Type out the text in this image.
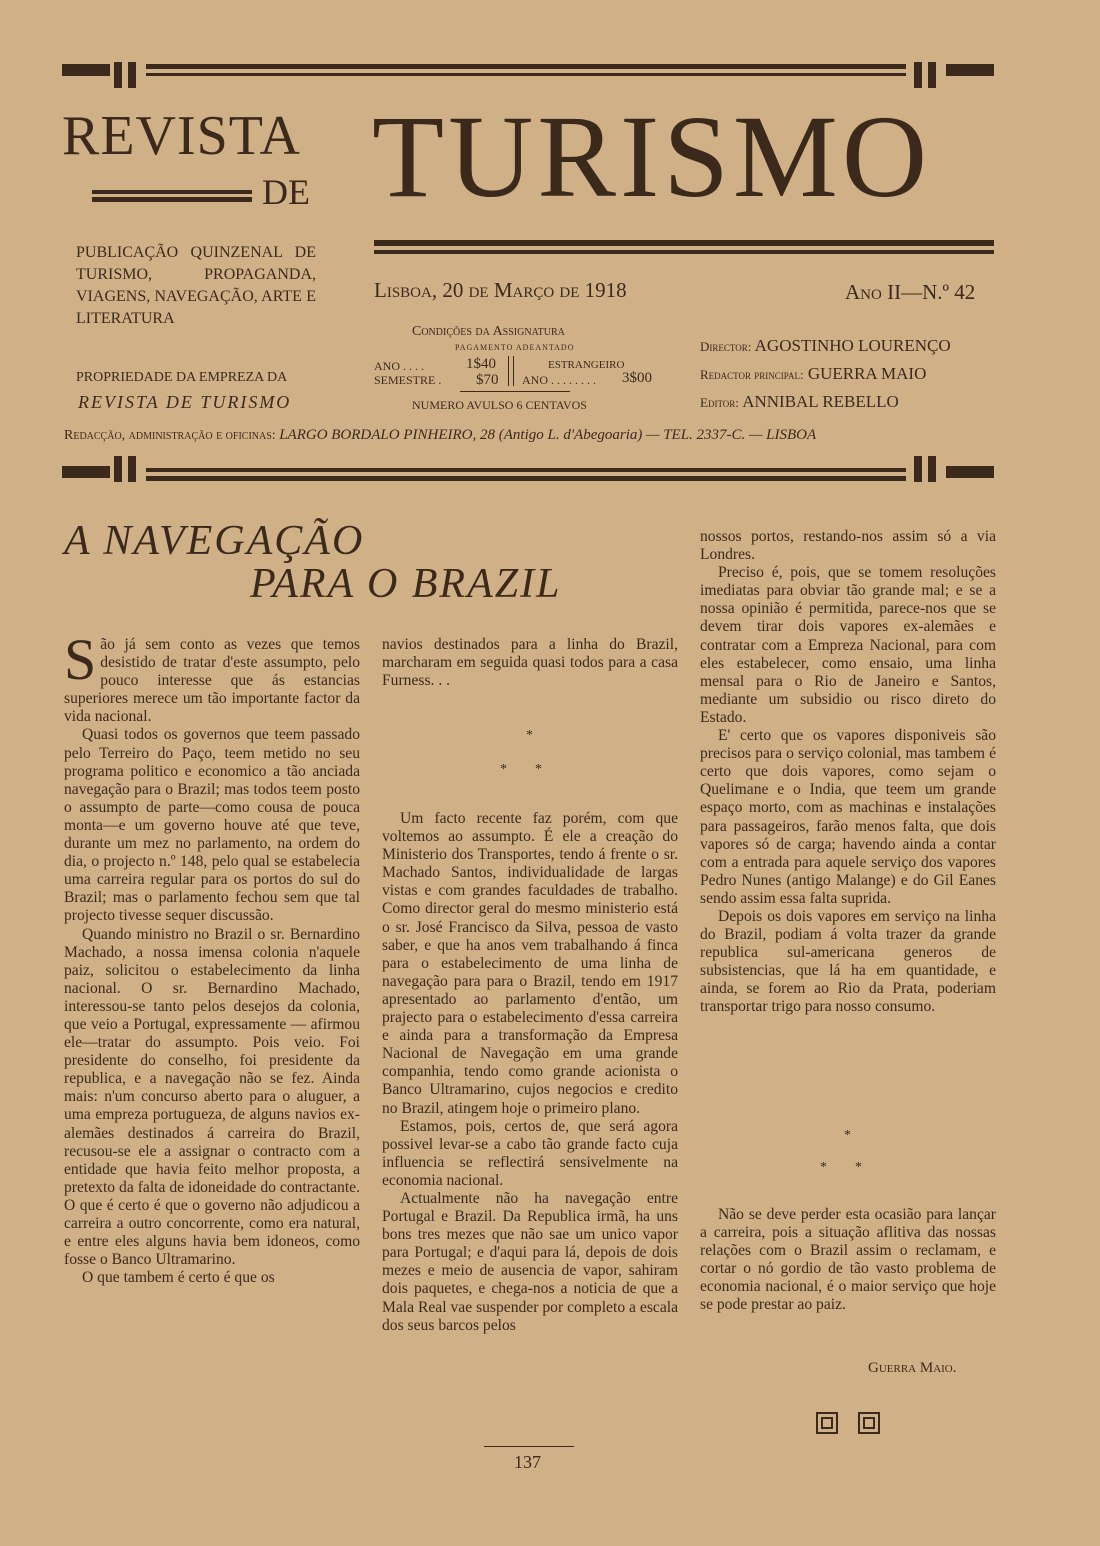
REVISTA
DE TURISMO
PUBLICAÇÃO QUINZENAL DE TURISMO, PROPAGANDA, VIAGENS, NAVEGAÇÃO, ARTE E LITERATURA
PROPRIEDADE DA EMPREZA DA
REVISTA DE TURISMO
Lisboa, 20 de Março de 1918	Ano II—N.º 42
Condições da Assignatura
PAGAMENTO ADEANTADO
ANO . . . .	1$40
SEMESTRE . $70
ESTRANGEIRO
ANO . . . . . . . . 3$00
NUMERO AVULSO 6 CENTAVOS
Director: AGOSTINHO LOURENÇO
Redactor principal: GUERRA MAIO
Editor: ANNIBAL REBELLO
Redacção, administração e oficinas: LARGO BORDALO PINHEIRO, 28 (Antigo L. d'Abegoaria) — TEL. 2337-C. — LISBOA
A NAVEGAÇÃO
PARA O BRAZIL

São já sem conto as vezes que temos desistido de tratar d'este assumpto, pelo pouco interesse que ás estancias superiores merece um tão importante factor da vida nacional.

Quasi todos os governos que teem passado pelo Terreiro do Paço, teem metido no seu programa politico e economico a tão anciada navegação para o Brazil; mas todos teem posto o assumpto de parte—como cousa de pouca monta—e um governo houve até que teve, durante um mez no parlamento, na ordem do dia, o projecto n.º 148, pelo qual se estabelecia uma carreira regular para os portos do sul do Brazil; mas o parlamento fechou sem que tal projecto tivesse sequer discussão.

Quando ministro no Brazil o sr. Bernardino Machado, a nossa imensa colonia n'aquele paiz, solicitou o estabelecimento da linha nacional. O sr. Bernardino Machado, interessou-se tanto pelos desejos da colonia, que veio a Portugal, expressamente — afirmou ele—tratar do assumpto. Pois veio. Foi presidente do conselho, foi presidente da republica, e a navegação não se fez. Ainda mais: n'um concurso aberto para o aluguer, a uma empreza portugueza, de alguns navios ex-alemães destinados á carreira do Brazil, recusou-se ele a assignar o contracto com a entidade que havia feito melhor proposta, a pretexto da falta de idoneidade do contractante. O que é certo é que o governo não adjudicou a carreira a outro concorrente, como era natural, e entre eles alguns havia bem idoneos, como fosse o Banco Ultramarino.

O que tambem é certo é que os

navios destinados para a linha do Brazil, marcharam em seguida quasi todos para a casa Furness. . .

*
*        *

Um facto recente faz porém, com que voltemos ao assumpto. É ele a creação do Ministerio dos Transportes, tendo á frente o sr. Machado Santos, individualidade de largas vistas e com grandes faculdades de trabalho. Como director geral do mesmo ministerio está o sr. José Francisco da Silva, pessoa de vasto saber, e que ha anos vem trabalhando á finca para o estabelecimento de uma linha de navegação para para o Brazil, tendo em 1917 apresentado ao parlamento d'então, um prajecto para o estabelecimento d'essa carreira e ainda para a transformação da Empresa Nacional de Navegação em uma grande companhia, tendo como grande acionista o Banco Ultramarino, cujos negocios e credito no Brazil, atingem hoje o primeiro plano.

Estamos, pois, certos de, que será agora possivel levar-se a cabo tão grande facto cuja influencia se reflectirá sensivelmente na economia nacional.

Actualmente não ha navegação entre Portugal e Brazil. Da Republica irmã, ha uns bons tres mezes que não sae um unico vapor para Portugal; e d'aqui para lá, depois de dois mezes e meio de ausencia de vapor, sahiram dois paquetes, e chega-nos a noticia de que a Mala Real vae suspender por completo a escala dos seus barcos pelos

nossos portos, restando-nos assim só a via Londres.

Preciso é, pois, que se tomem resoluções imediatas para obviar tão grande mal; e se a nossa opinião é permitida, parece-nos que se devem tirar dois vapores ex-alemães e contratar com a Empreza Nacional, para com eles estabelecer, como ensaio, uma linha mensal para o Rio de Janeiro e Santos, mediante um subsidio ou risco direto do Estado.

E' certo que os vapores disponiveis são precisos para o serviço colonial, mas tambem é certo que dois vapores, como sejam o Quelimane e o India, que teem um grande espaço morto, com as machinas e instalações para passageiros, farão menos falta, que dois vapores só de carga; havendo ainda a contar com a entrada para aquele serviço dos vapores Pedro Nunes (antigo Malange) e do Gil Eanes sendo assim essa falta suprida.

Depois os dois vapores em serviço na linha do Brazil, podiam á volta trazer da grande republica sul-americana generos de subsistencias, que lá ha em quantidade, e ainda, se forem ao Rio da Prata, poderiam transportar trigo para nosso consumo.

*
*        *

Não se deve perder esta ocasião para lançar a carreira, pois a situação aflitiva das nossas relações com o Brazil assim o reclamam, e cortar o nó gordio de tão vasto problema de economia nacional, é o maior serviço que hoje se pode prestar ao paiz.

Guerra Maio.
137
